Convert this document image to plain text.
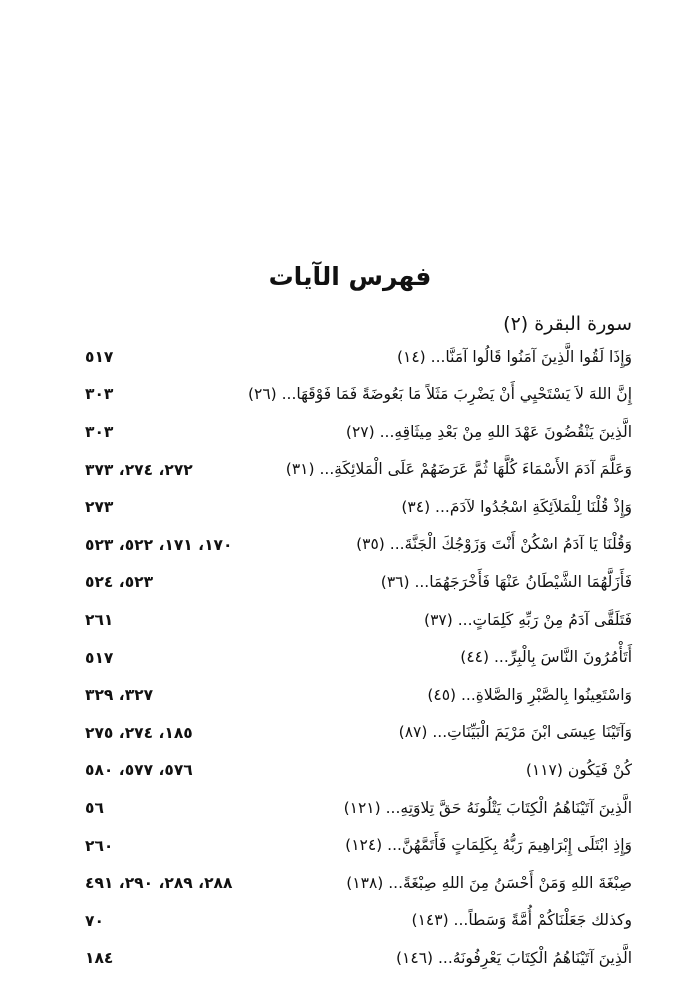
فهرس الآيات
سورة البقرة (٢)
وَإِذَا لَقُوا الَّذِينَ آمَنُوا قَالُوا آمَنَّا... (١٤)
٥١٧
إِنَّ اللهَ لاَ يَسْتَحْيِي أَنْ يَضْرِبَ مَثَلاً مَا بَعُوضَةً فَمَا فَوْقَهَا... (٢٦)
٣٠٣
الَّذِينَ يَنْقُضُونَ عَهْدَ اللهِ مِنْ بَعْدِ مِيثَاقِهِ... (٢٧)
٣٠٣
وَعَلَّمَ آدَمَ الأَسْمَاءَ كُلَّهَا ثُمَّ عَرَضَهُمْ عَلَى الْمَلائِكَةِ... (٣١)
٢٧٢، ٢٧٤، ٣٧٣
وَإِذْ قُلْنَا لِلْمَلاَئِكَةِ اسْجُدُوا لآدَمَ... (٣٤)
٢٧٣
وَقُلْنَا يَا آدَمُ اسْكُنْ أَنْتَ وَزَوْجُكَ الْجَنَّةَ... (٣٥)
١٧٠، ١٧١، ٥٢٢، ٥٢٣
فَأَزَلَّهُمَا الشَّيْطَانُ عَنْهَا فَأَخْرَجَهُمَا... (٣٦)
٥٢٣، ٥٢٤
فَتَلَقَّى آدَمُ مِنْ رَبِّهِ كَلِمَاتٍ... (٣٧)
٢٦١
أَتَأْمُرُونَ النَّاسَ بِالْبِرِّ... (٤٤)
٥١٧
وَاسْتَعِينُوا بِالصَّبْرِ وَالصَّلاةِ... (٤٥)
٣٢٧، ٣٢٩
وَآتَيْنَا عِيسَى ابْنَ مَرْيَمَ الْبَيِّنَاتِ... (٨٧)
١٨٥، ٢٧٤، ٢٧٥
كُنْ فَيَكُون (١١٧)
٥٧٦، ٥٧٧، ٥٨٠
الَّذِينَ آتَيْنَاهُمُ الْكِتَابَ يَتْلُونَهُ حَقَّ تِلاوَتِهِ... (١٢١)
٥٦
وَإِذِ ابْتَلَى إِبْرَاهِيمَ رَبُّهُ بِكَلِمَاتٍ فَأَتَمَّهُنَّ... (١٢٤)
٢٦٠
صِبْغَةَ اللهِ وَمَنْ أَحْسَنُ مِنَ اللهِ صِبْغَةً... (١٣٨)
٢٨٨، ٢٨٩، ٢٩٠، ٤٩١
وكذلك جَعَلْنَاكُمْ أُمَّةً وَسَطاً... (١٤٣)
٧٠
الَّذِينَ آتَيْنَاهُمُ الْكِتَابَ يَعْرِفُونَهُ... (١٤٦)
١٨٤
